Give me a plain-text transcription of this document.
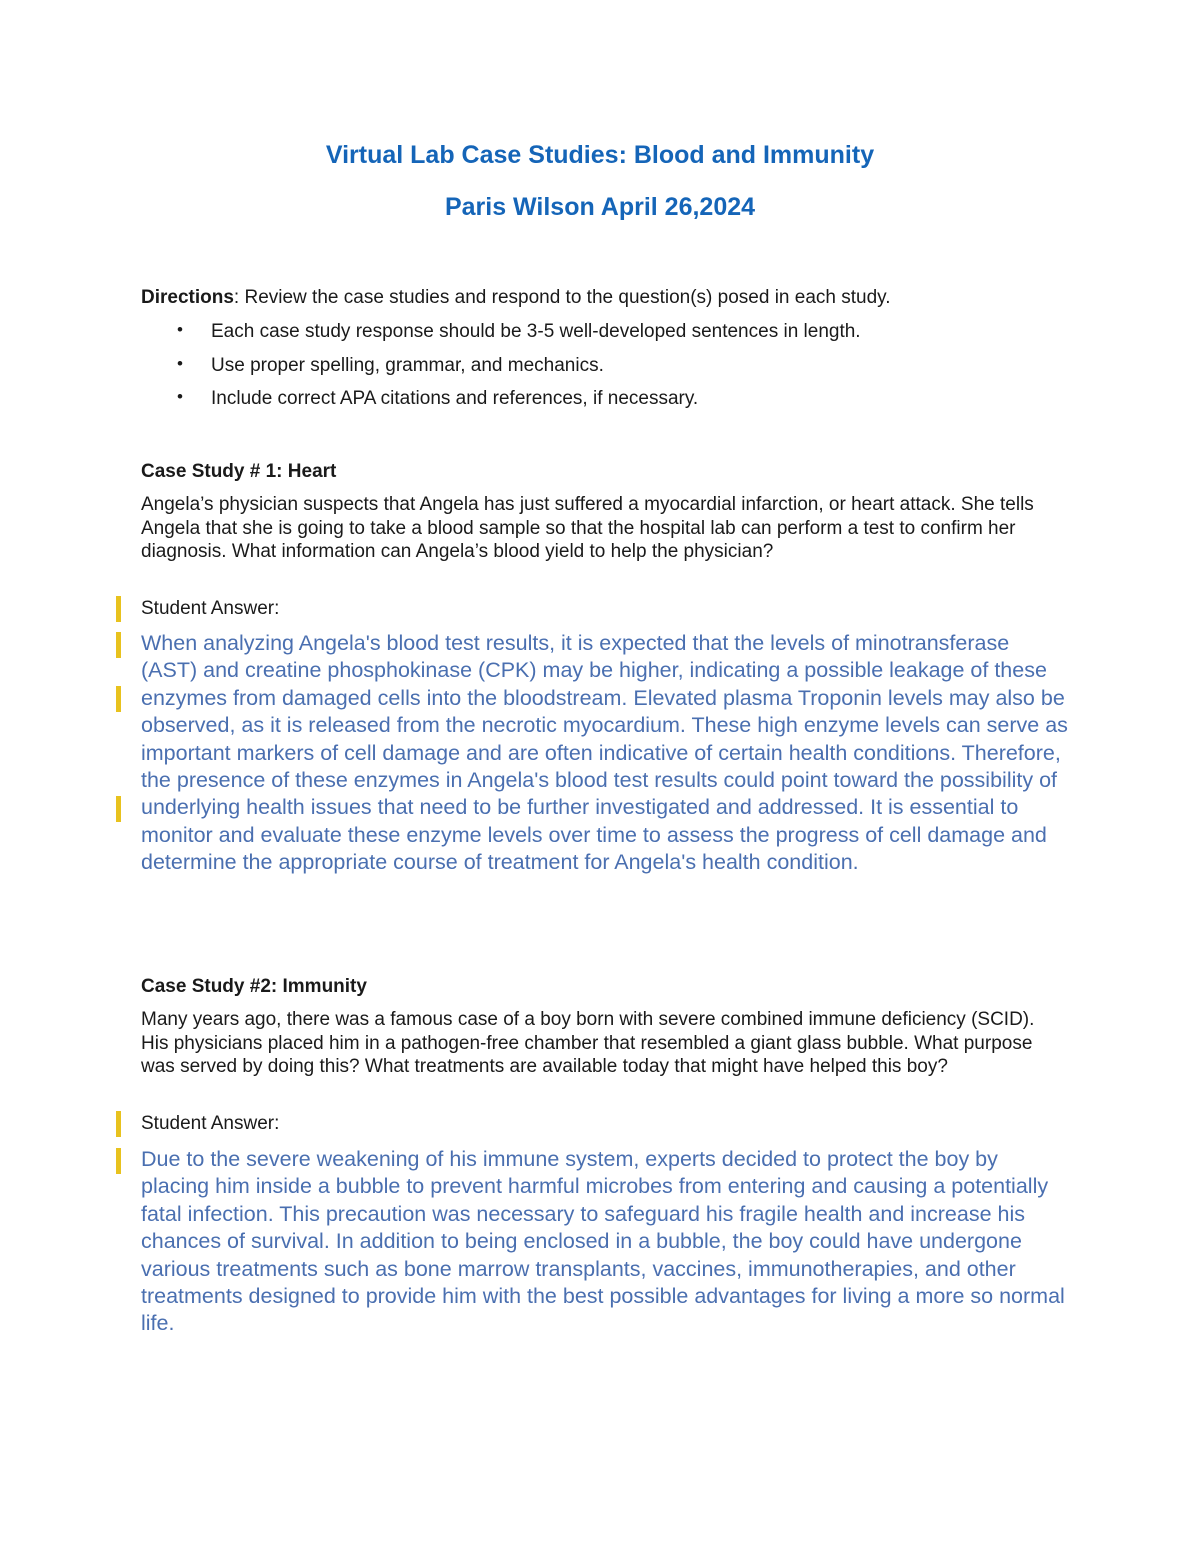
Virtual Lab Case Studies: Blood and Immunity
Paris Wilson April 26,2024
Directions: Review the case studies and respond to the question(s) posed in each study.
• Each case study response should be 3-5 well-developed sentences in length.
• Use proper spelling, grammar, and mechanics.
• Include correct APA citations and references, if necessary.
Case Study # 1: Heart
Angela’s physician suspects that Angela has just suffered a myocardial infarction, or heart attack. She tells Angela that she is going to take a blood sample so that the hospital lab can perform a test to confirm her diagnosis. What information can Angela’s blood yield to help the physician?
Student Answer:
When analyzing Angela's blood test results, it is expected that the levels of minotransferase (AST) and creatine phosphokinase (CPK) may be higher, indicating a possible leakage of these enzymes from damaged cells into the bloodstream. Elevated plasma Troponin levels may also be observed, as it is released from the necrotic myocardium. These high enzyme levels can serve as important markers of cell damage and are often indicative of certain health conditions. Therefore, the presence of these enzymes in Angela's blood test results could point toward the possibility of underlying health issues that need to be further investigated and addressed. It is essential to monitor and evaluate these enzyme levels over time to assess the progress of cell damage and determine the appropriate course of treatment for Angela's health condition.
Case Study #2: Immunity
Many years ago, there was a famous case of a boy born with severe combined immune deficiency (SCID). His physicians placed him in a pathogen-free chamber that resembled a giant glass bubble. What purpose was served by doing this? What treatments are available today that might have helped this boy?
Student Answer:
Due to the severe weakening of his immune system, experts decided to protect the boy by placing him inside a bubble to prevent harmful microbes from entering and causing a potentially fatal infection. This precaution was necessary to safeguard his fragile health and increase his chances of survival. In addition to being enclosed in a bubble, the boy could have undergone various treatments such as bone marrow transplants, vaccines, immunotherapies, and other treatments designed to provide him with the best possible advantages for living a more so normal life.
